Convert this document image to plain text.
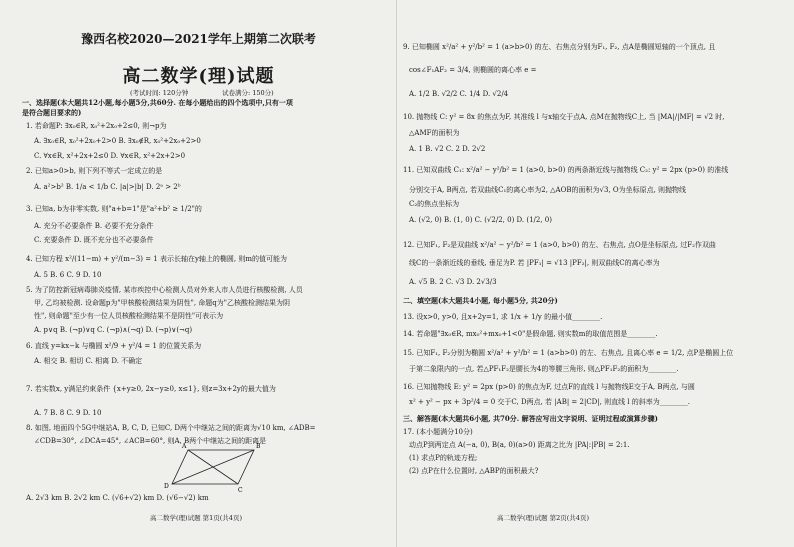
豫西名校2020—2021学年上期第二次联考
高二数学(理)试题
(考试时间: 120分钟	试卷满分: 150分)
一、选择题(本大题共12小题,每小题5分,共60分. 在每小题给出的四个选项中,只有一项
是符合题目要求的)
1. 若命题P: ∃x₀∈R, x₀²+2x₀+2≤0, 则¬p为
A. ∃x₀∈R, x₀²+2x₀+2>0 B. ∃x₀∉R, x₀²+2x₀+2>0
C. ∀x∈R, x²+2x+2≤0 D. ∀x∈R, x²+2x+2>0
2. 已知a>0>b, 则下列不等式一定成立的是
A. a²>b² B. 1/a < 1/b C. |a|>|b| D. 2ᵃ > 2ᵇ
3. 已知a, b为非零实数, 则"a+b=1"是"a²+b² ≥ 1/2"的
A. 充分不必要条件 B. 必要不充分条件
C. 充要条件 D. 既不充分也不必要条件
4. 已知方程 x²/(11−m) + y²/(m−3) = 1 表示长轴在y轴上的椭圆, 则m的值可能为
A. 5 B. 6 C. 9 D. 10
5. 为了防控新冠病毒肺炎疫情, 某市疾控中心检测人员对外来人市人员进行核酸检测, 人员
甲, 乙均被检测. 设命题p为"甲核酸检测结果为阴性", 命题q为"乙核酸检测结果为阴
性", 则命题"至少有一位人员核酸检测结果不是阴性"可表示为
A. p∨q B. (¬p)∨q C. (¬p)∧(¬q) D. (¬p)∨(¬q)
6. 直线 y=kx−k 与椭圆 x²/9 + y²/4 = 1 的位置关系为
A. 相交 B. 相切 C. 相离 D. 不确定
7. 若实数x, y满足约束条件 {x+y≥0, 2x−y≥0, x≤1}, 则z=3x+2y的最大值为
A. 7 B. 8 C. 9 D. 10
8. 如图, 地面四个5G中继站A, B, C, D, 已知C, D两个中继站之间的距离为√10 km, ∠ADB=
∠CDB=30°, ∠DCA=45°, ∠ACB=60°, 则A, B两个中继站之间的距离是
A	B
C
D
A. 2√3 km B. 2√2 km C. (√6+√2) km D. (√6−√2) km
高二数学(理)试题 第1页(共4页)
9. 已知椭圆 x²/a² + y²/b² = 1 (a>b>0) 的左、右焦点分别为F₁, F₂, 点A是椭圆短轴的一个顶点, 且
cos∠F₁AF₂ = 3/4, 则椭圆的离心率 e =
A. 1/2 B. √2/2 C. 1/4 D. √2/4
10. 抛物线 C: y² = 8x 的焦点为F, 其准线 l 与x轴交于点A, 点M在抛物线C上, 当 |MA|/|MF| = √2 时,
△AMF的面积为
A. 1 B. √2 C. 2 D. 2√2
11. 已知双曲线 C₁: x²/a² − y²/b² = 1 (a>0, b>0) 的两条渐近线与抛物线 C₂: y² = 2px (p>0) 的准线
分别交于A, B两点, 若双曲线C₁的离心率为2, △AOB的面积为√3, O为坐标原点, 则抛物线
C₂的焦点坐标为
A. (√2, 0) B. (1, 0) C. (√2/2, 0) D. (1/2, 0)
12. 已知F₁, F₂是双曲线 x²/a² − y²/b² = 1 (a>0, b>0) 的左、右焦点, 点O是坐标原点, 过F₂作双曲
线C的一条渐近线的垂线, 垂足为P. 若 |PF₁| = √13 |PF₂|, 则双曲线C的离心率为
A. √5 B. 2 C. √3 D. 2√3/3
二、填空题(本大题共4小题, 每小题5分, 共20分)
13. 设x>0, y>0, 且x+2y=1, 求 1/x + 1/y 的最小值________.
14. 若命题"∃x₀∈R, mx₀²+mx₀+1<0"是假命题, 则实数m的取值范围是________.
15. 已知F₁, F₂分别为椭圆 x²/a² + y²/b² = 1 (a>b>0) 的左、右焦点, 且离心率 e = 1/2, 点P是椭圆上位
于第二象限内的一点, 若△PF₁F₂是腰长为4的等腰三角形, 则△PF₁F₂的面积为________.
16. 已知抛物线 E: y² = 2px (p>0) 的焦点为F, 过点F的直线 l 与抛物线E交于A, B两点, 与圆
x² + y² − px + 3p²/4 = 0 交于C, D两点, 若 |AB| = 2|CD|, 则直线 l 的斜率为________.
三、解答题(本大题共6小题, 共70分. 解答应写出文字说明、证明过程或演算步骤)
17. (本小题满分10分)
动点P到两定点 A(−a, 0), B(a, 0)(a>0) 距离之比为 |PA|:|PB| = 2:1.
(1) 求点P的轨迹方程;
(2) 点P在什么位置时, △ABP的面积最大?
高二数学(理)试题 第2页(共4页)
